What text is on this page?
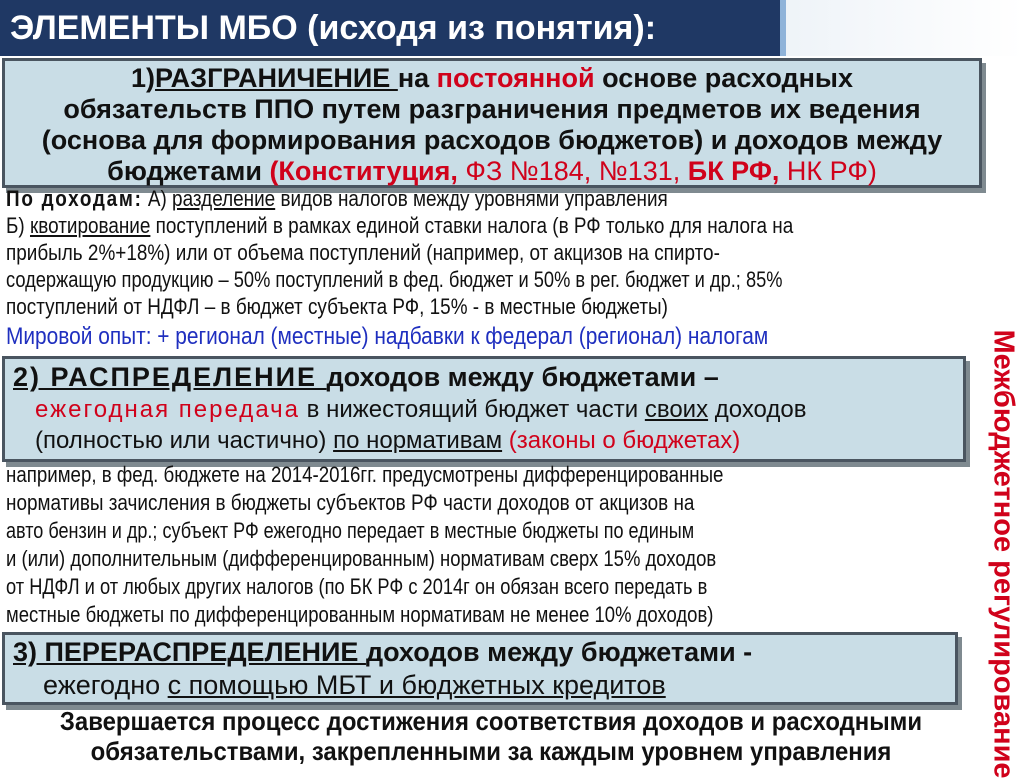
ЭЛЕМЕНТЫ МБО (исходя из понятия):
1)РАЗГРАНИЧЕНИЕ на постоянной основе расходных
обязательств ППО путем разграничения предметов их ведения
(основа для формирования расходов бюджетов) и доходов между
бюджетами (Конституция, ФЗ №184, №131, БК РФ, НК РФ)
По доходам: А) разделение видов налогов между уровнями управления
Б) квотирование поступлений в рамках единой ставки налога (в РФ только для налога на
прибыль 2%+18%) или от объема поступлений (например, от акцизов на спирто-
содержащую продукцию – 50% поступлений в фед. бюджет и 50% в рег. бюджет и др.; 85%
поступлений от НДФЛ – в бюджет субъекта РФ, 15% - в местные бюджеты)
Мировой опыт: + регионал (местные) надбавки к федерал (регионал) налогам
2) РАСПРЕДЕЛЕНИЕ доходов между бюджетами –
ежегодная передача в нижестоящий бюджет части своих доходов
(полностью или частично) по нормативам (законы о бюджетах)
например, в фед. бюджете на 2014-2016гг. предусмотрены дифференцированные
нормативы зачисления в бюджеты субъектов РФ части доходов от акцизов на
авто бензин и др.; субъект РФ ежегодно передает в местные бюджеты по единым
и (или) дополнительным (дифференцированным) нормативам сверх 15% доходов
от НДФЛ и от любых других налогов (по БК РФ с 2014г он обязан всего передать в
местные бюджеты по дифференцированным нормативам не менее 10% доходов)
3) ПЕРЕРАСПРЕДЕЛЕНИЕ доходов между бюджетами -
ежегодно с помощью МБТ и бюджетных кредитов
Завершается процесс достижения соответствия доходов и расходными
обязательствами, закрепленными за каждым уровнем управления	Межбюджетное регулирование
